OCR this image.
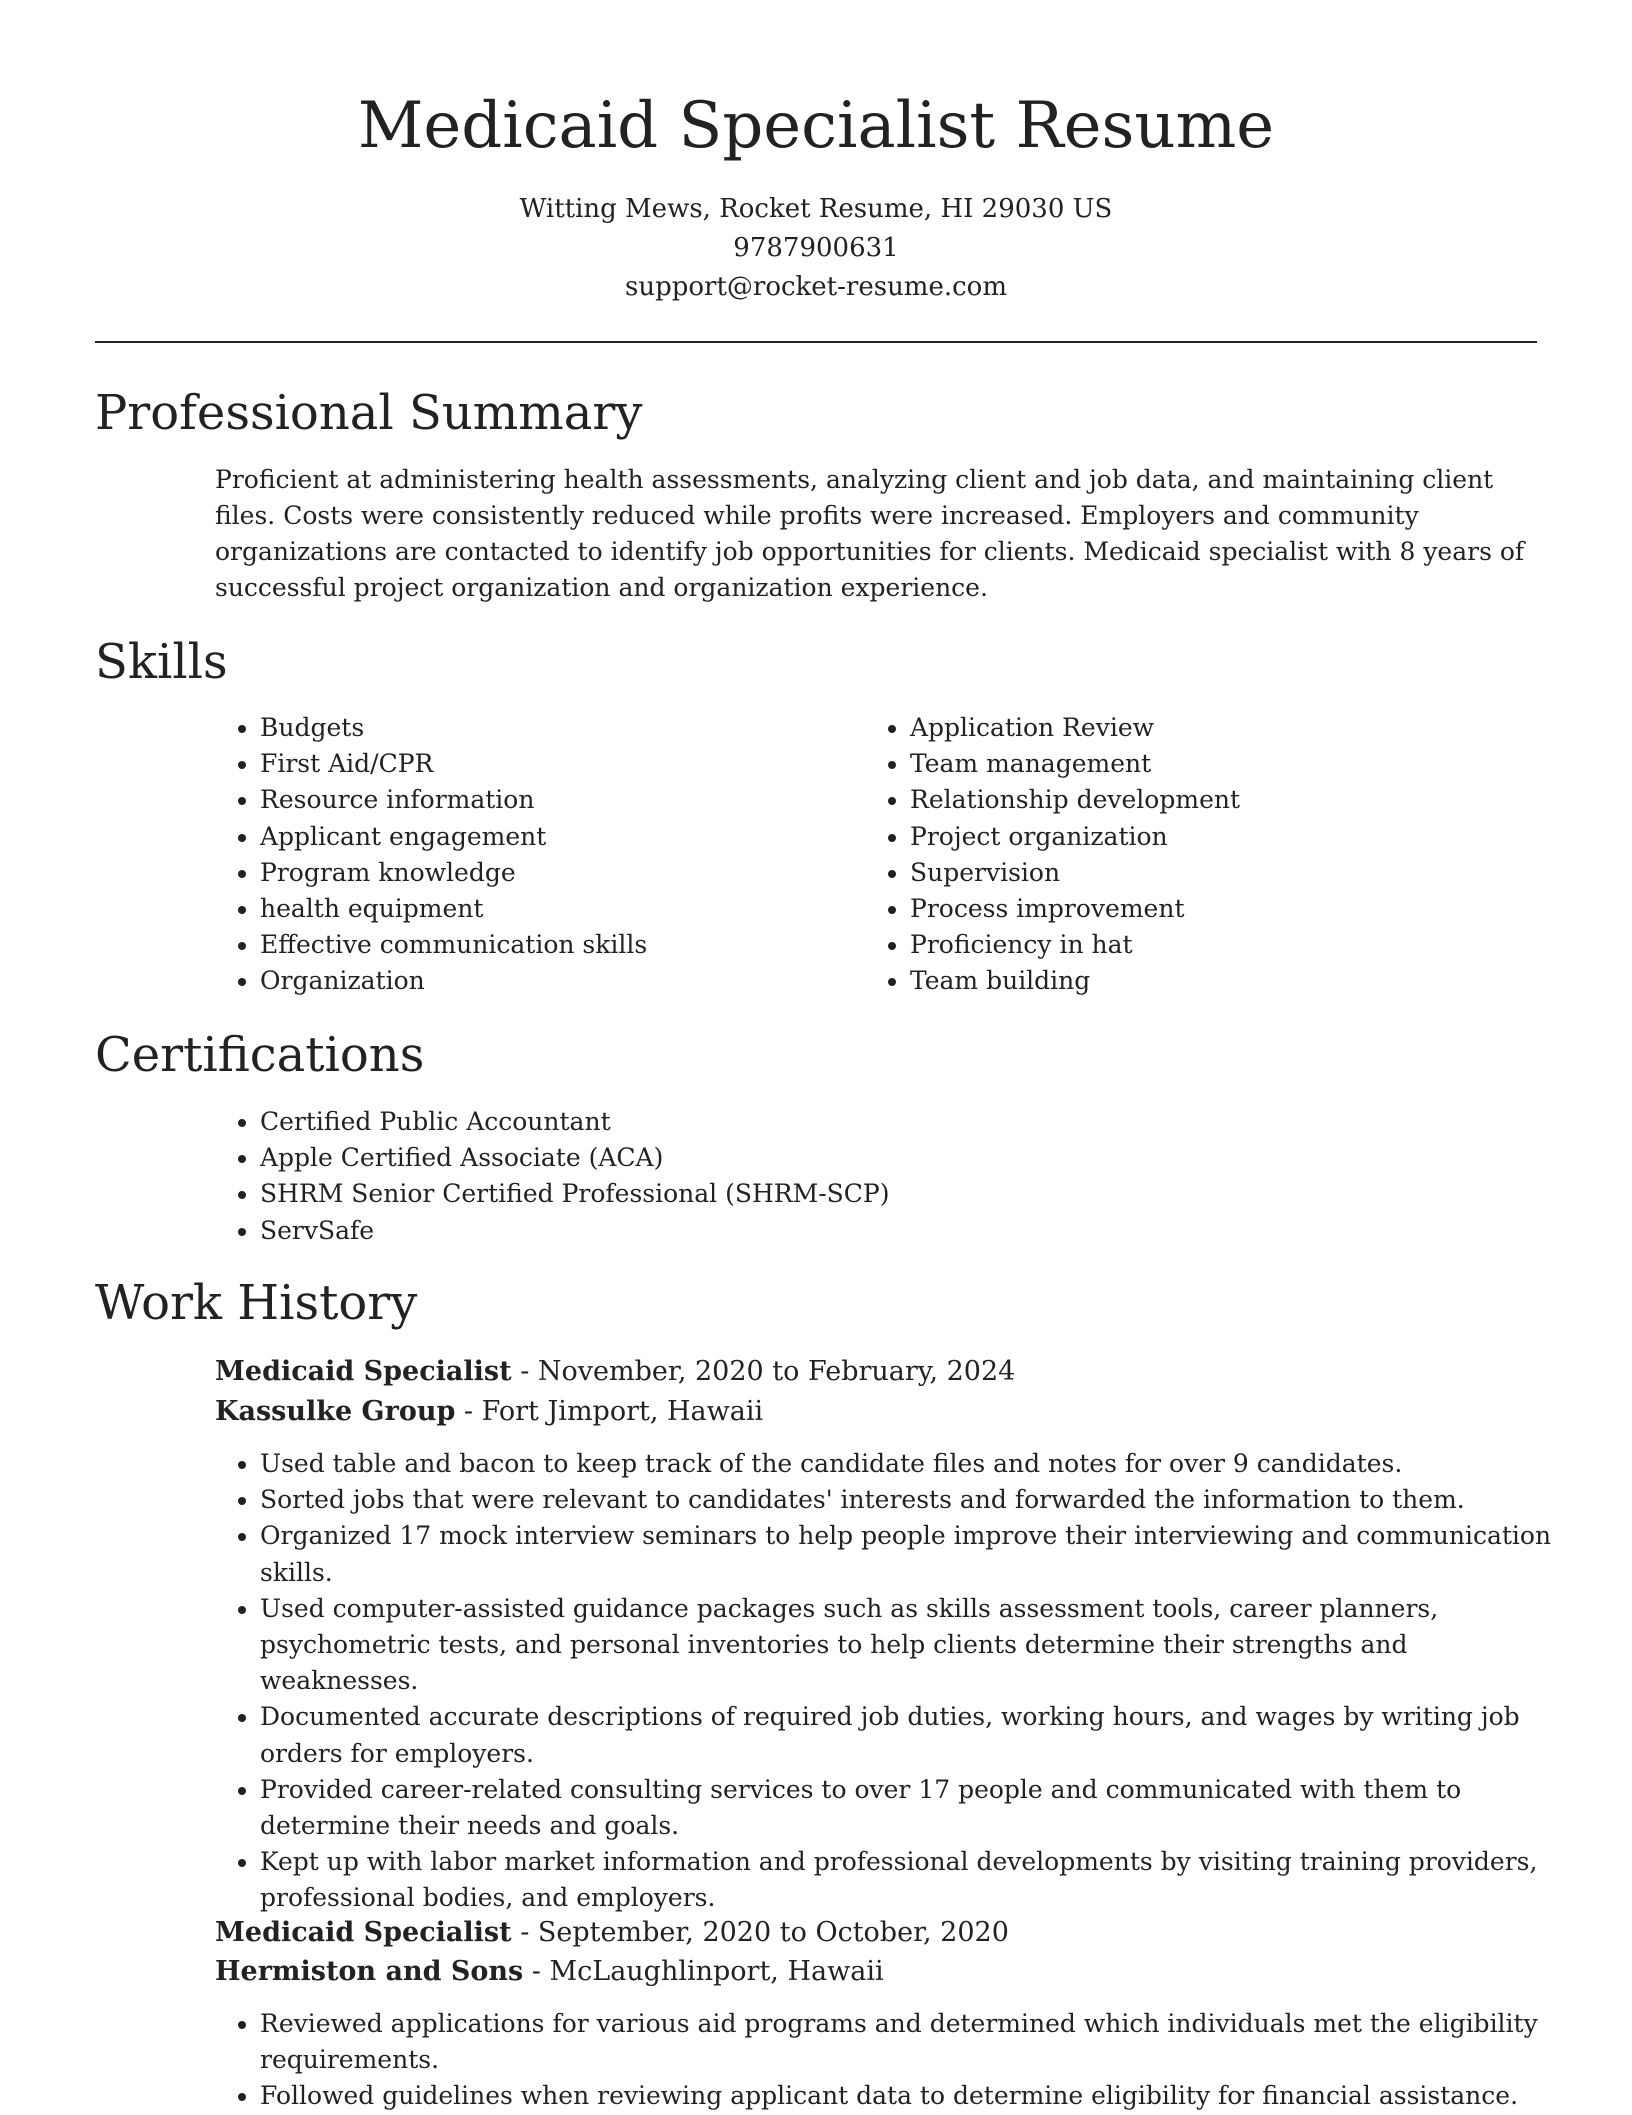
Medicaid Specialist Resume
Witting Mews, Rocket Resume, HI 29030 US
9787900631
support@rocket-resume.com
Professional Summary

Proficient at administering health assessments, analyzing client and job data, and maintaining client files. Costs were consistently reduced while profits were increased. Employers and community organizations are contacted to identify job opportunities for clients. Medicaid specialist with 8 years of successful project organization and organization experience.

Skills
• Budgets
• First Aid/CPR
• Resource information
• Applicant engagement
• Program knowledge
• health equipment
• Effective communication skills
• Organization
• Application Review
• Team management
• Relationship development
• Project organization
• Supervision
• Process improvement
• Proficiency in hat
• Team building
Certifications
• Certified Public Accountant
• Apple Certified Associate (ACA)
• SHRM Senior Certified Professional (SHRM-SCP)
• ServSafe
Work History
Medicaid Specialist - November, 2020 to February, 2024
Kassulke Group - Fort Jimport, Hawaii
• Used table and bacon to keep track of the candidate files and notes for over 9 candidates.
• Sorted jobs that were relevant to candidates' interests and forwarded the information to them.
• Organized 17 mock interview seminars to help people improve their interviewing and communication skills.
• Used computer-assisted guidance packages such as skills assessment tools, career planners, psychometric tests, and personal inventories to help clients determine their strengths and weaknesses.
• Documented accurate descriptions of required job duties, working hours, and wages by writing job orders for employers.
• Provided career-related consulting services to over 17 people and communicated with them to determine their needs and goals.
• Kept up with labor market information and professional developments by visiting training providers, professional bodies, and employers.
Medicaid Specialist - September, 2020 to October, 2020
Hermiston and Sons - McLaughlinport, Hawaii
• Reviewed applications for various aid programs and determined which individuals met the eligibility requirements.
• Followed guidelines when reviewing applicant data to determine eligibility for financial assistance.
